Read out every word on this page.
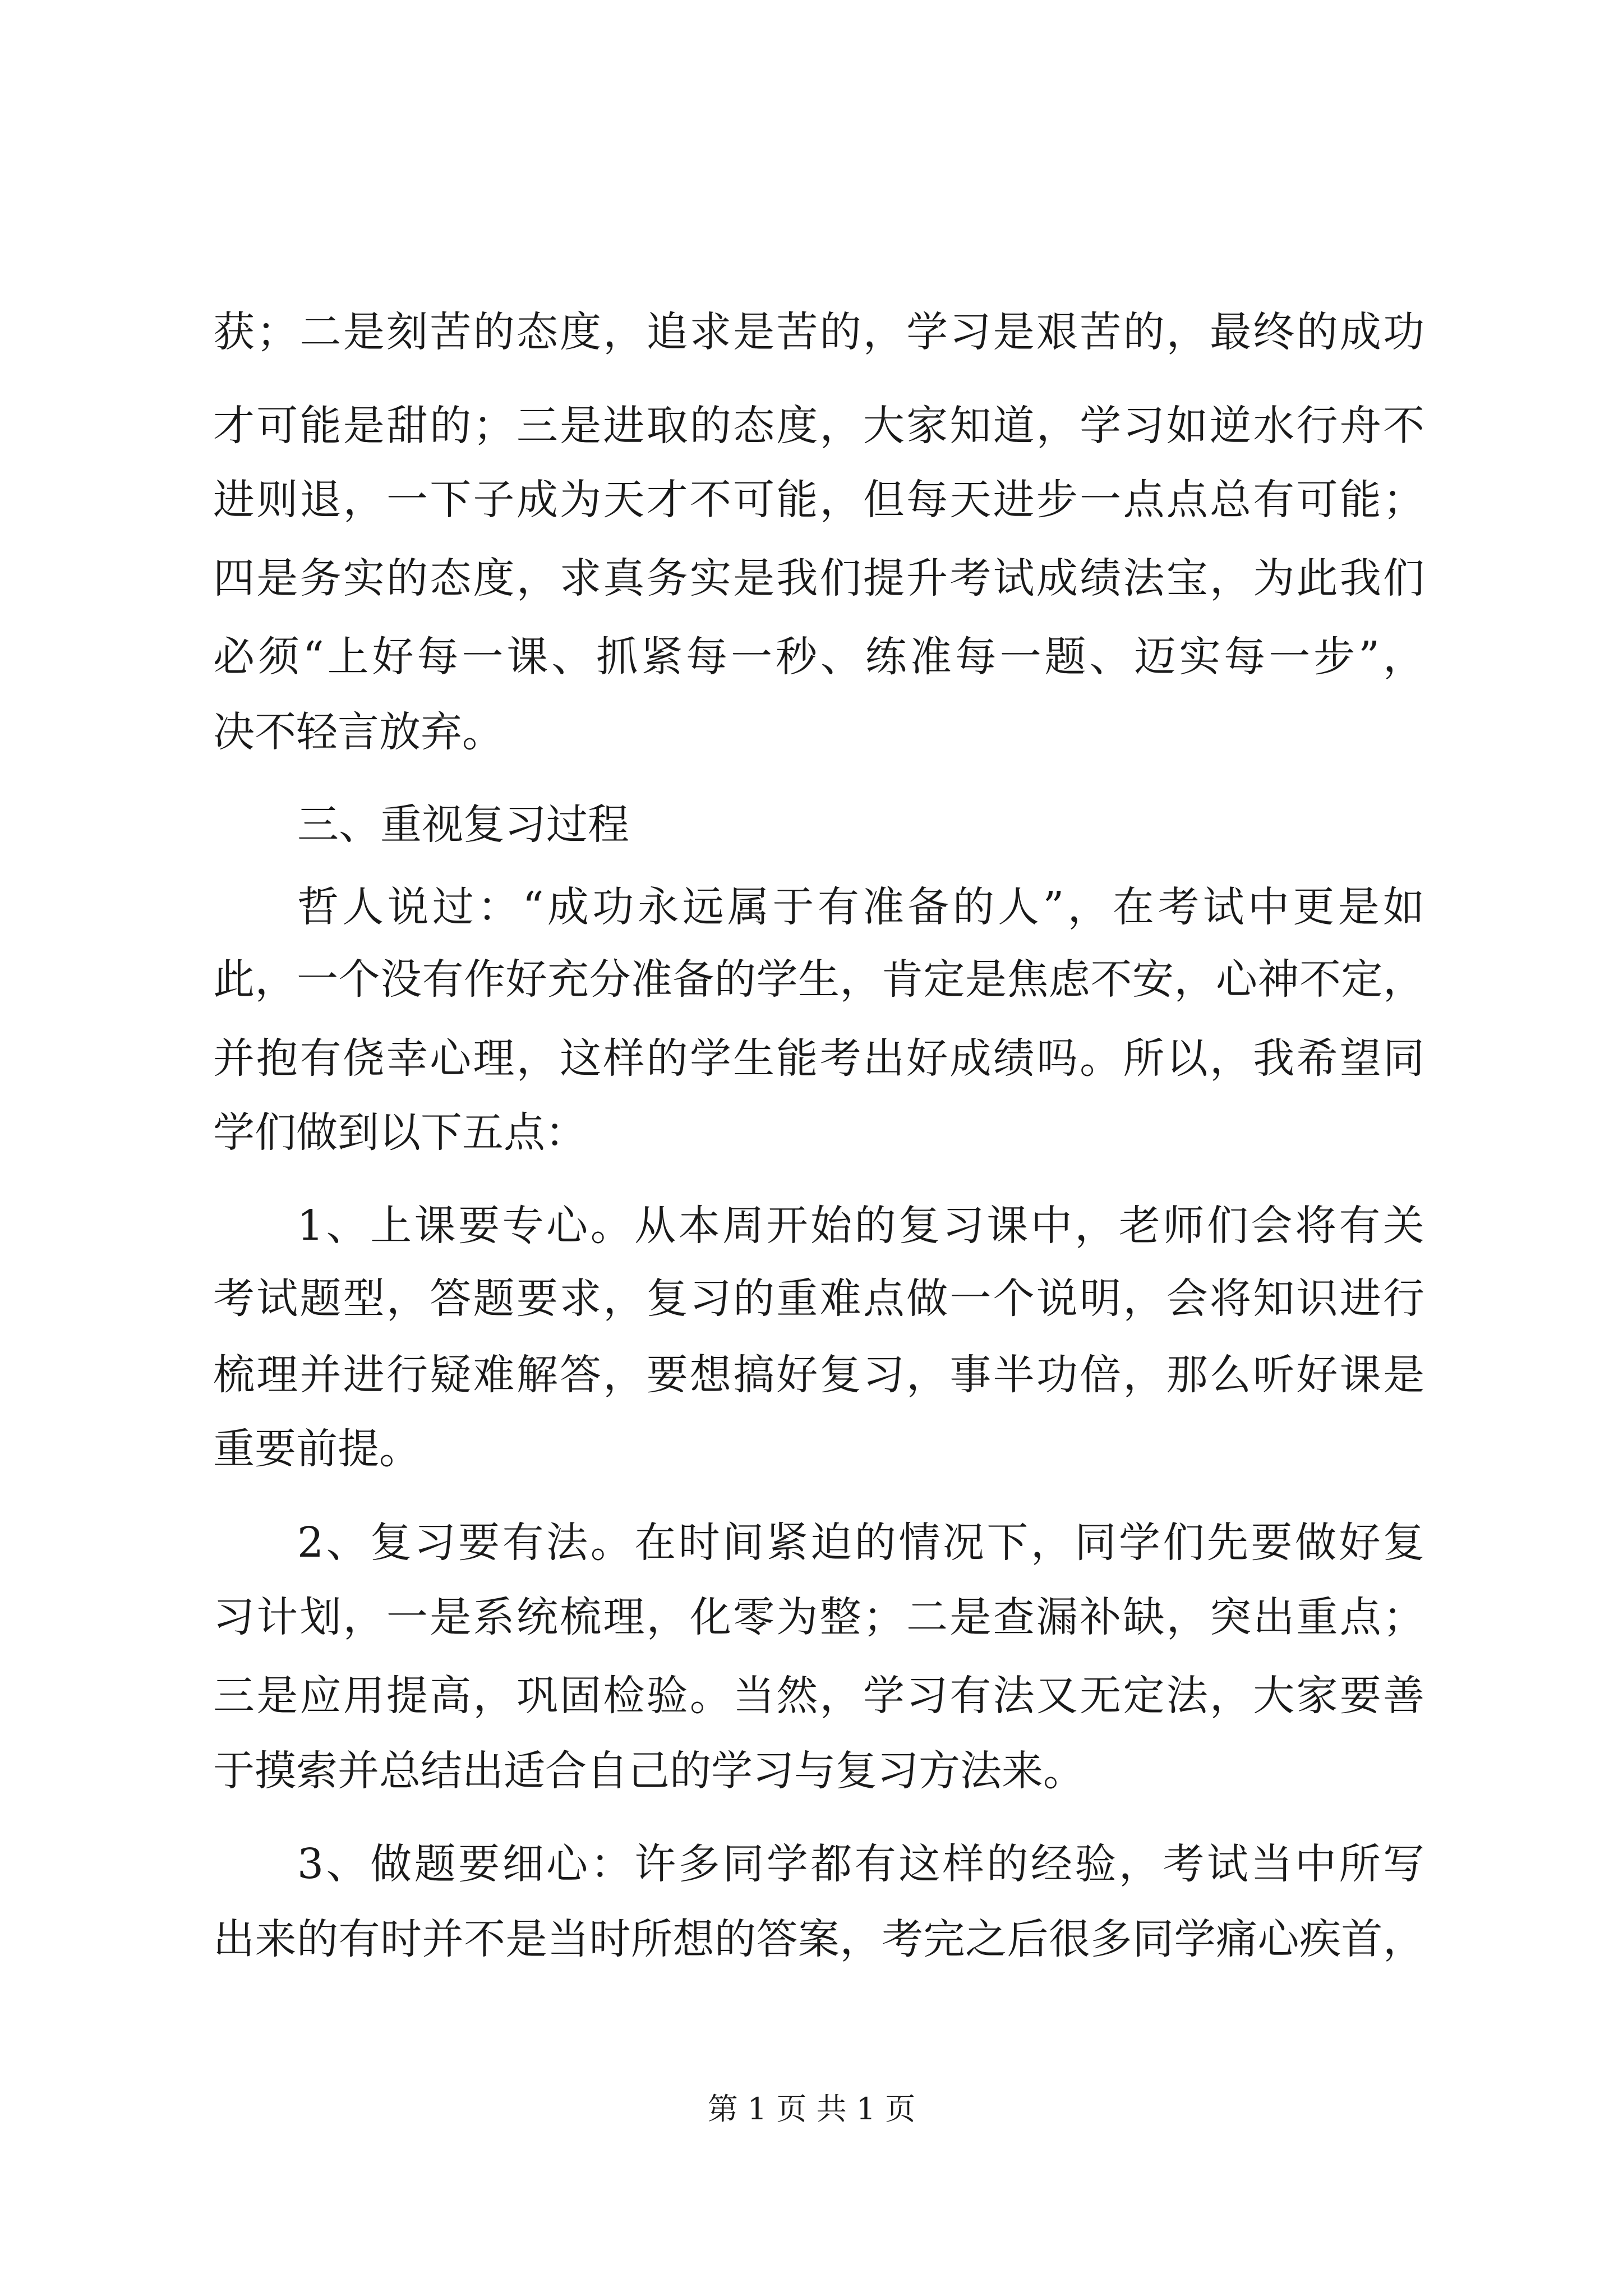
获；二是刻苦的态度，追求是苦的，学习是艰苦的，最终的成功
才可能是甜的；三是进取的态度，大家知道，学习如逆水行舟不
进则退，一下子成为天才不可能，但每天进步一点点总有可能；
四是务实的态度，求真务实是我们提升考试成绩法宝，为此我们
必须“上好每一课、抓紧每一秒、练准每一题、迈实每一步”，
决不轻言放弃。
三、重视复习过程
哲人说过：“成功永远属于有准备的人”，在考试中更是如
此，一个没有作好充分准备的学生，肯定是焦虑不安，心神不定，
并抱有侥幸心理，这样的学生能考出好成绩吗。所以，我希望同
学们做到以下五点：
1、上课要专心。从本周开始的复习课中，老师们会将有关
考试题型，答题要求，复习的重难点做一个说明，会将知识进行
梳理并进行疑难解答，要想搞好复习，事半功倍，那么听好课是
重要前提。
2、复习要有法。在时间紧迫的情况下，同学们先要做好复
习计划，一是系统梳理，化零为整；二是查漏补缺，突出重点；
三是应用提高，巩固检验。当然，学习有法又无定法，大家要善
于摸索并总结出适合自己的学习与复习方法来。
3、做题要细心：许多同学都有这样的经验，考试当中所写
出来的有时并不是当时所想的答案，考完之后很多同学痛心疾首，
第 1 页 共 1 页
